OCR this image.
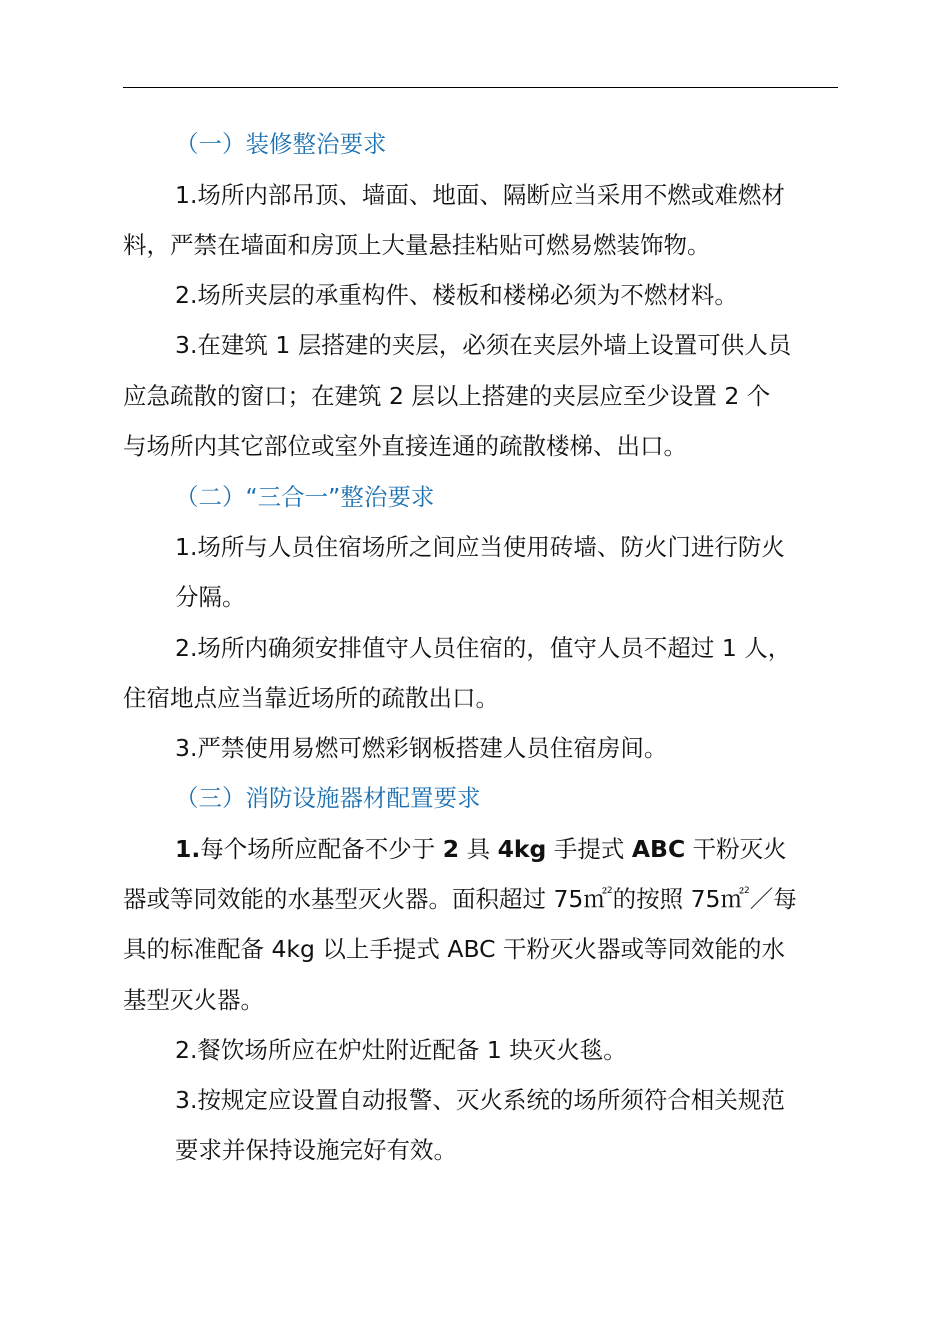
（一）装修整治要求
1.场所内部吊顶、墙面、地面、隔断应当采用不燃或难燃材
料，严禁在墙面和房顶上大量悬挂粘贴可燃易燃装饰物。
2.场所夹层的承重构件、楼板和楼梯必须为不燃材料。
3.在建筑 1 层搭建的夹层，必须在夹层外墙上设置可供人员
应急疏散的窗口；在建筑 2 层以上搭建的夹层应至少设置 2 个
与场所内其它部位或室外直接连通的疏散楼梯、出口。
（二）“三合一”整治要求
1.场所与人员住宿场所之间应当使用砖墙、防火门进行防火
分隔。
2.场所内确须安排值守人员住宿的，值守人员不超过 1 人，
住宿地点应当靠近场所的疏散出口。
3.严禁使用易燃可燃彩钢板搭建人员住宿房间。
（三）消防设施器材配置要求
1.每个场所应配备不少于 2 具 4kg 手提式 ABC 干粉灭火
器或等同效能的水基型灭火器。面积超过 75㎡$^2$的按照 75㎡$^2$／每
具的标准配备 4kg 以上手提式 ABC 干粉灭火器或等同效能的水
基型灭火器。
2.餐饮场所应在炉灶附近配备 1 块灭火毯。
3.按规定应设置自动报警、灭火系统的场所须符合相关规范
要求并保持设施完好有效。
